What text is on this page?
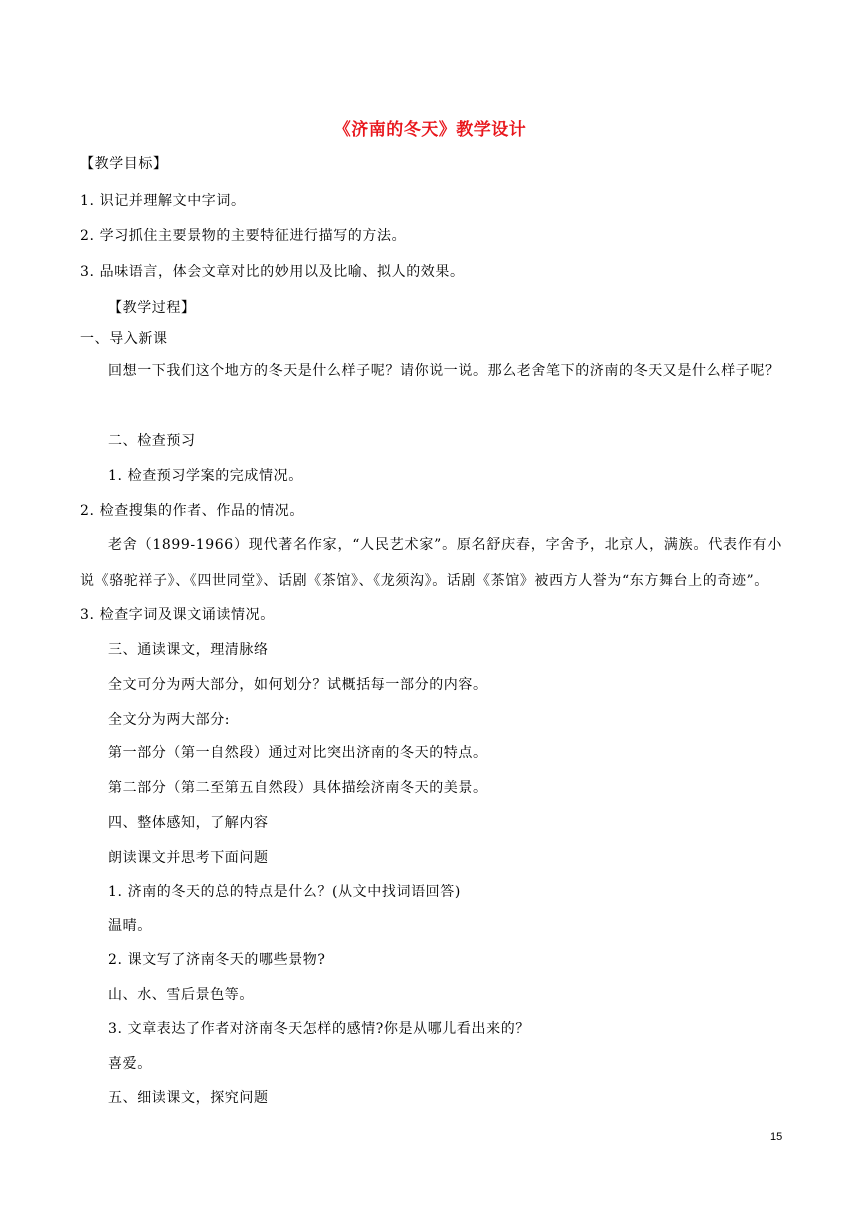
《济南的冬天》教学设计
【教学目标】
1. 识记并理解文中字词。
2. 学习抓住主要景物的主要特征进行描写的方法。
3. 品味语言，体会文章对比的妙用以及比喻、拟人的效果。
【教学过程】
一、导入新课
回想一下我们这个地方的冬天是什么样子呢？请你说一说。那么老舍笔下的济南的冬天又是什么样子呢？
二、检查预习
1. 检查预习学案的完成情况。
2. 检查搜集的作者、作品的情况。
老舍（1899-1966）现代著名作家，“人民艺术家”。原名舒庆春，字舍予，北京人，满族。代表作有小说《骆驼祥子》、《四世同堂》、话剧《茶馆》、《龙须沟》。话剧《茶馆》被西方人誉为“东方舞台上的奇迹”。
3. 检查字词及课文诵读情况。
三、通读课文，理清脉络
全文可分为两大部分，如何划分？试概括每一部分的内容。
全文分为两大部分:
第一部分（第一自然段）通过对比突出济南的冬天的特点。
第二部分（第二至第五自然段）具体描绘济南冬天的美景。
四、整体感知，了解内容
朗读课文并思考下面问题
1. 济南的冬天的总的特点是什么？(从文中找词语回答)
温晴。
2. 课文写了济南冬天的哪些景物?
山、水、雪后景色等。
3. 文章表达了作者对济南冬天怎样的感情?你是从哪儿看出来的？
喜爱。
五、细读课文，探究问题
15
